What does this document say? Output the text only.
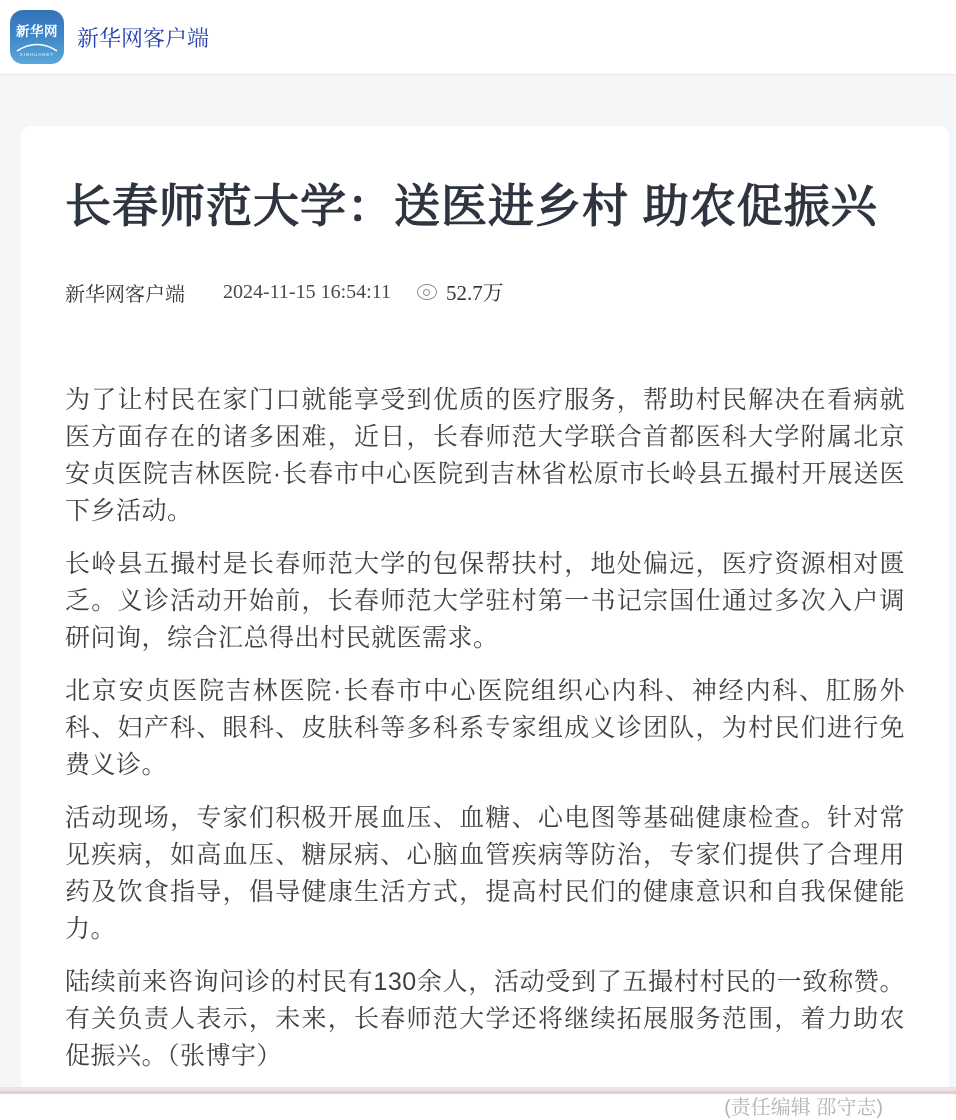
新华网
XINHUANET
新华网客户端
长春师范大学：送医进乡村 助农促振兴
新华网客户端 2024-11-15 16:54:11	52.7万

为了让村民在家门口就能享受到优质的医疗服务，帮助村民解决在看病就医方面存在的诸多困难，近日，长春师范大学联合首都医科大学附属北京安贞医院吉林医院·长春市中心医院到吉林省松原市长岭县五撮村开展送医下乡活动。

长岭县五撮村是长春师范大学的包保帮扶村，地处偏远，医疗资源相对匮乏。义诊活动开始前，长春师范大学驻村第一书记宗国仕通过多次入户调研问询，综合汇总得出村民就医需求。

北京安贞医院吉林医院·长春市中心医院组织心内科、神经内科、肛肠外科、妇产科、眼科、皮肤科等多科系专家组成义诊团队，为村民们进行免费义诊。

活动现场，专家们积极开展血压、血糖、心电图等基础健康检查。针对常见疾病，如高血压、糖尿病、心脑血管疾病等防治，专家们提供了合理用药及饮食指导，倡导健康生活方式，提高村民们的健康意识和自我保健能力。

陆续前来咨询问诊的村民有130余人，活动受到了五撮村村民的一致称赞。有关负责人表示，未来，长春师范大学还将继续拓展服务范围，着力助农促振兴。（张博宇）

(责任编辑 邵守志)
